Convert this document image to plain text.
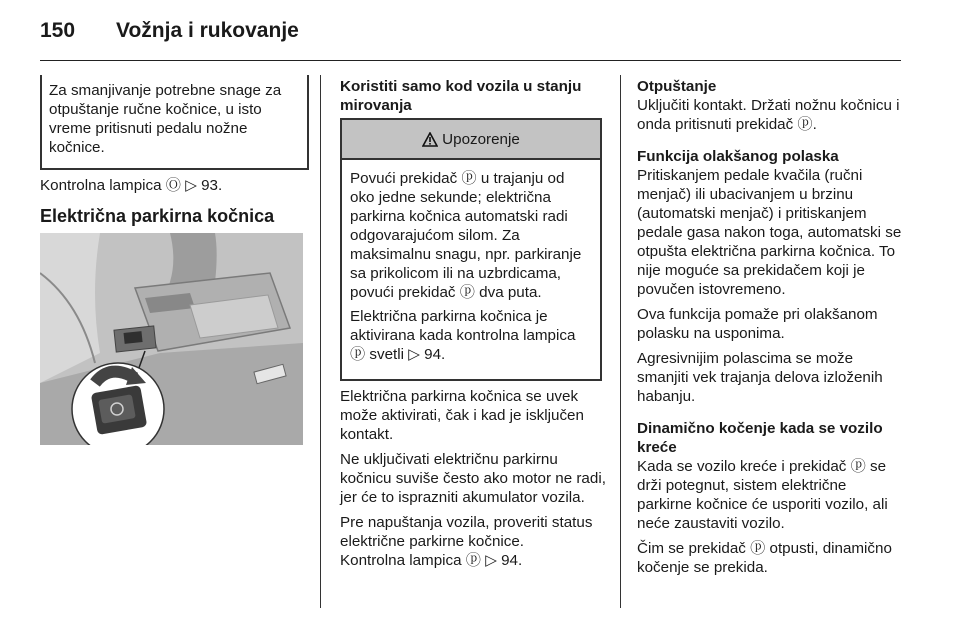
150 Vožnja i rukovanje

Za smanjivanje potrebne snage za otpuštanje ručne kočnice, u isto vreme pritisnuti pedalu nožne kočnice.

Kontrolna lampica Ⓞ ▷ 93.

Električna parkirna kočnica
Koristiti samo kod vozila u stanju mirovanja
Upozorenje

Povući prekidač ⓟ u trajanju od oko jedne sekunde; električna parkirna kočnica automatski radi odgovarajućom silom. Za maksimalnu snagu, npr. parkiranje sa prikolicom ili na uzbrdicama, povući prekidač ⓟ dva puta.

Električna parkirna kočnica je aktivirana kada kontrolna lampica ⓟ svetli ▷ 94.

Električna parkirna kočnica se uvek može aktivirati, čak i kad je isključen kontakt.

Ne uključivati električnu parkirnu kočnicu suviše često ako motor ne radi, jer će to isprazniti akumulator vozila.

Pre napuštanja vozila, proveriti status električne parkirne kočnice.

Kontrolna lampica ⓟ ▷ 94.

Otpuštanje

Uključiti kontakt. Držati nožnu kočnicu i onda pritisnuti prekidač ⓟ.

Funkcija olakšanog polaska

Pritiskanjem pedale kvačila (ručni menjač) ili ubacivanjem u brzinu (automatski menjač) i pritiskanjem pedale gasa nakon toga, automatski se otpušta električna parkirna kočnica. To nije moguće sa prekidačem koji je povučen istovremeno.

Ova funkcija pomaže pri olakšanom polasku na usponima.

Agresivnijim polascima se može smanjiti vek trajanja delova izloženih habanju.

Dinamično kočenje kada se vozilo kreće

Kada se vozilo kreće i prekidač ⓟ se drži potegnut, sistem električne parkirne kočnice će usporiti vozilo, ali neće zaustaviti vozilo.

Čim se prekidač ⓟ otpusti, dinamično kočenje se prekida.
